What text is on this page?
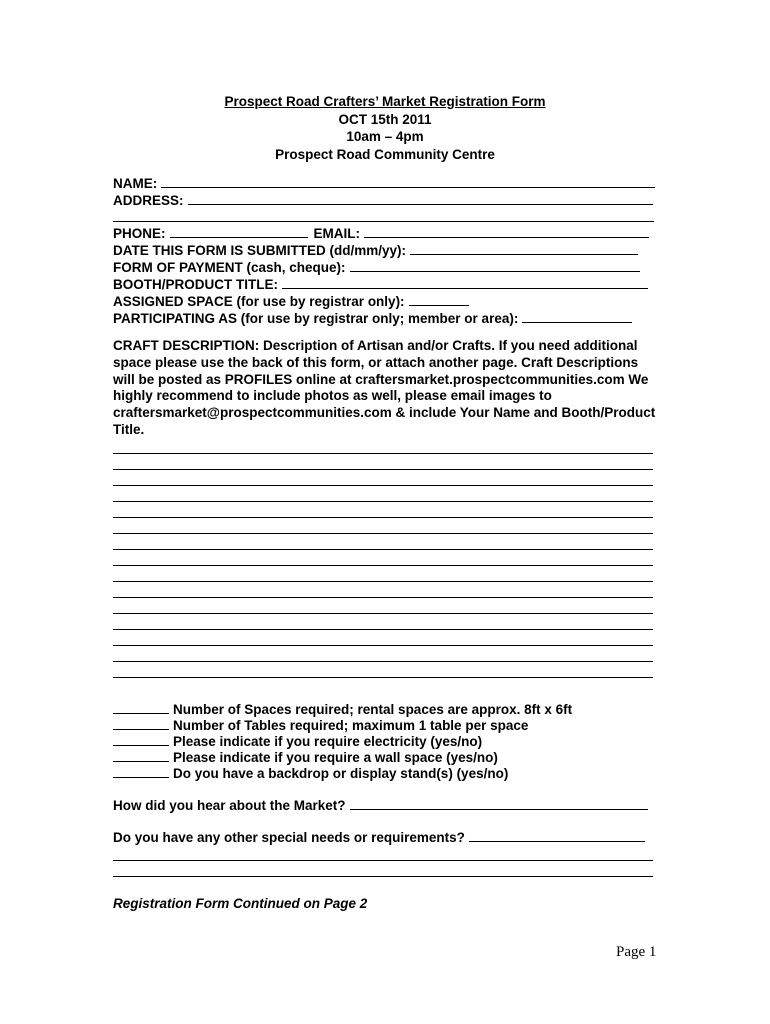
Prospect Road Crafters’ Market Registration Form
OCT 15th 2011
10am – 4pm
Prospect Road Community Centre
NAME:
ADDRESS:
PHONE:	EMAIL:
DATE THIS FORM IS SUBMITTED (dd/mm/yy):
FORM OF PAYMENT (cash, cheque):
BOOTH/PRODUCT TITLE:
ASSIGNED SPACE (for use by registrar only):
PARTICIPATING AS (for use by registrar only; member or area):
CRAFT DESCRIPTION: Description of Artisan and/or Crafts. If you need additional space please use the back of this form, or attach another page. Craft Descriptions will be posted as PROFILES online at craftersmarket.prospectcommunities.com We highly recommend to include photos as well, please email images to craftersmarket@prospectcommunities.com & include Your Name and Booth/Product Title.
Number of Spaces required; rental spaces are approx. 8ft x 6ft
Number of Tables required; maximum 1 table per space
Please indicate if you require electricity (yes/no)
Please indicate if you require a wall space (yes/no)
Do you have a backdrop or display stand(s) (yes/no)
How did you hear about the Market?
Do you have any other special needs or requirements?
Registration Form Continued on Page 2
Page 1
